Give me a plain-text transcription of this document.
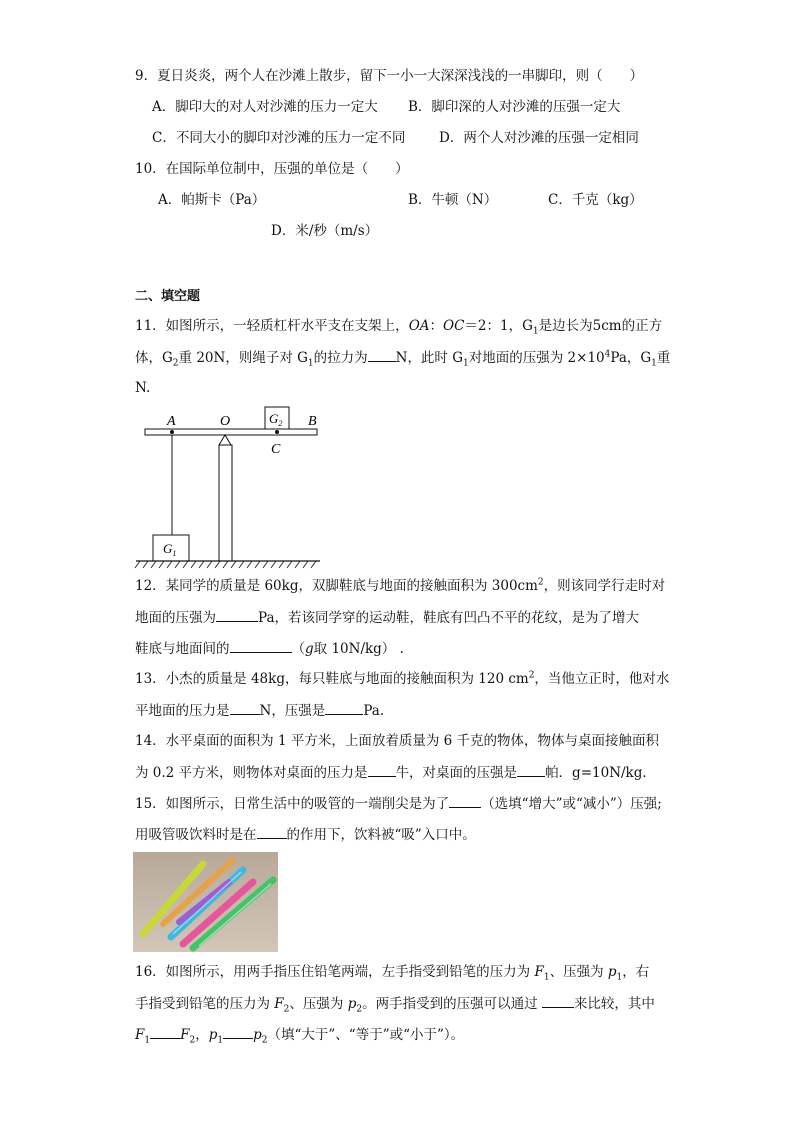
9．夏日炎炎，两个人在沙滩上散步，留下一小一大深深浅浅的一串脚印，则（　　）
A．脚印大的对人对沙滩的压力一定大 B．脚印深的人对沙滩的压强一定大
C．不同大小的脚印对沙滩的压力一定不同 D．两个人对沙滩的压强一定相同
10．在国际单位制中，压强的单位是（　　）
A．帕斯卡（Pa）	B．牛顿（N）	C．千克（kg）
D．米/秒（m/s）
二、填空题
11．如图所示，一轻质杠杆水平支在支架上，OA：OC＝2：1，$G_1$是边长为5cm的正方
体，$G_2$重 20N，则绳子对 $G_1$的拉力为 N，此时 $G_1$对地面的压强为 $2\times 10^4Pa$，$G_1$重
N.
A	O	$G_2$ B
C
$G_1$
12．某同学的质量是 60kg，双脚鞋底与地面的接触面积为 $300cm^2$，则该同学行走时对
地面的压强为	Pa，若该同学穿的运动鞋，鞋底有凹凸不平的花纹，是为了增大
鞋底与地面间的	（g取 10N/kg） .
13．小杰的质量是 48kg，每只鞋底与地面的接触面积为 120 $cm^2$，当他立正时，他对水
平地面的压力是 N，压强是	Pa.
14．水平桌面的面积为 1 平方米，上面放着质量为 6 千克的物体，物体与桌面接触面积
为 0.2 平方米，则物体对桌面的压力是 牛，对桌面的压强是 帕．g=10N/kg．
15．如图所示，日常生活中的吸管的一端削尖是为了 （选填“增大”或“减小”）压强;
用吸管吸饮料时是在 的作用下，饮料被“吸”入口中。
16．如图所示，用两手指压住铅笔两端，左手指受到铅笔的压力为 $F_1$、压强为 $p_1$，右
手指受到铅笔的压力为 $F_2$、压强为 $p_2$。两手指受到的压强可以通过 来比较，其中
$F_1$ $F_2$，$p_1$ $p_2$（填“大于”、“等于”或“小于”）。
